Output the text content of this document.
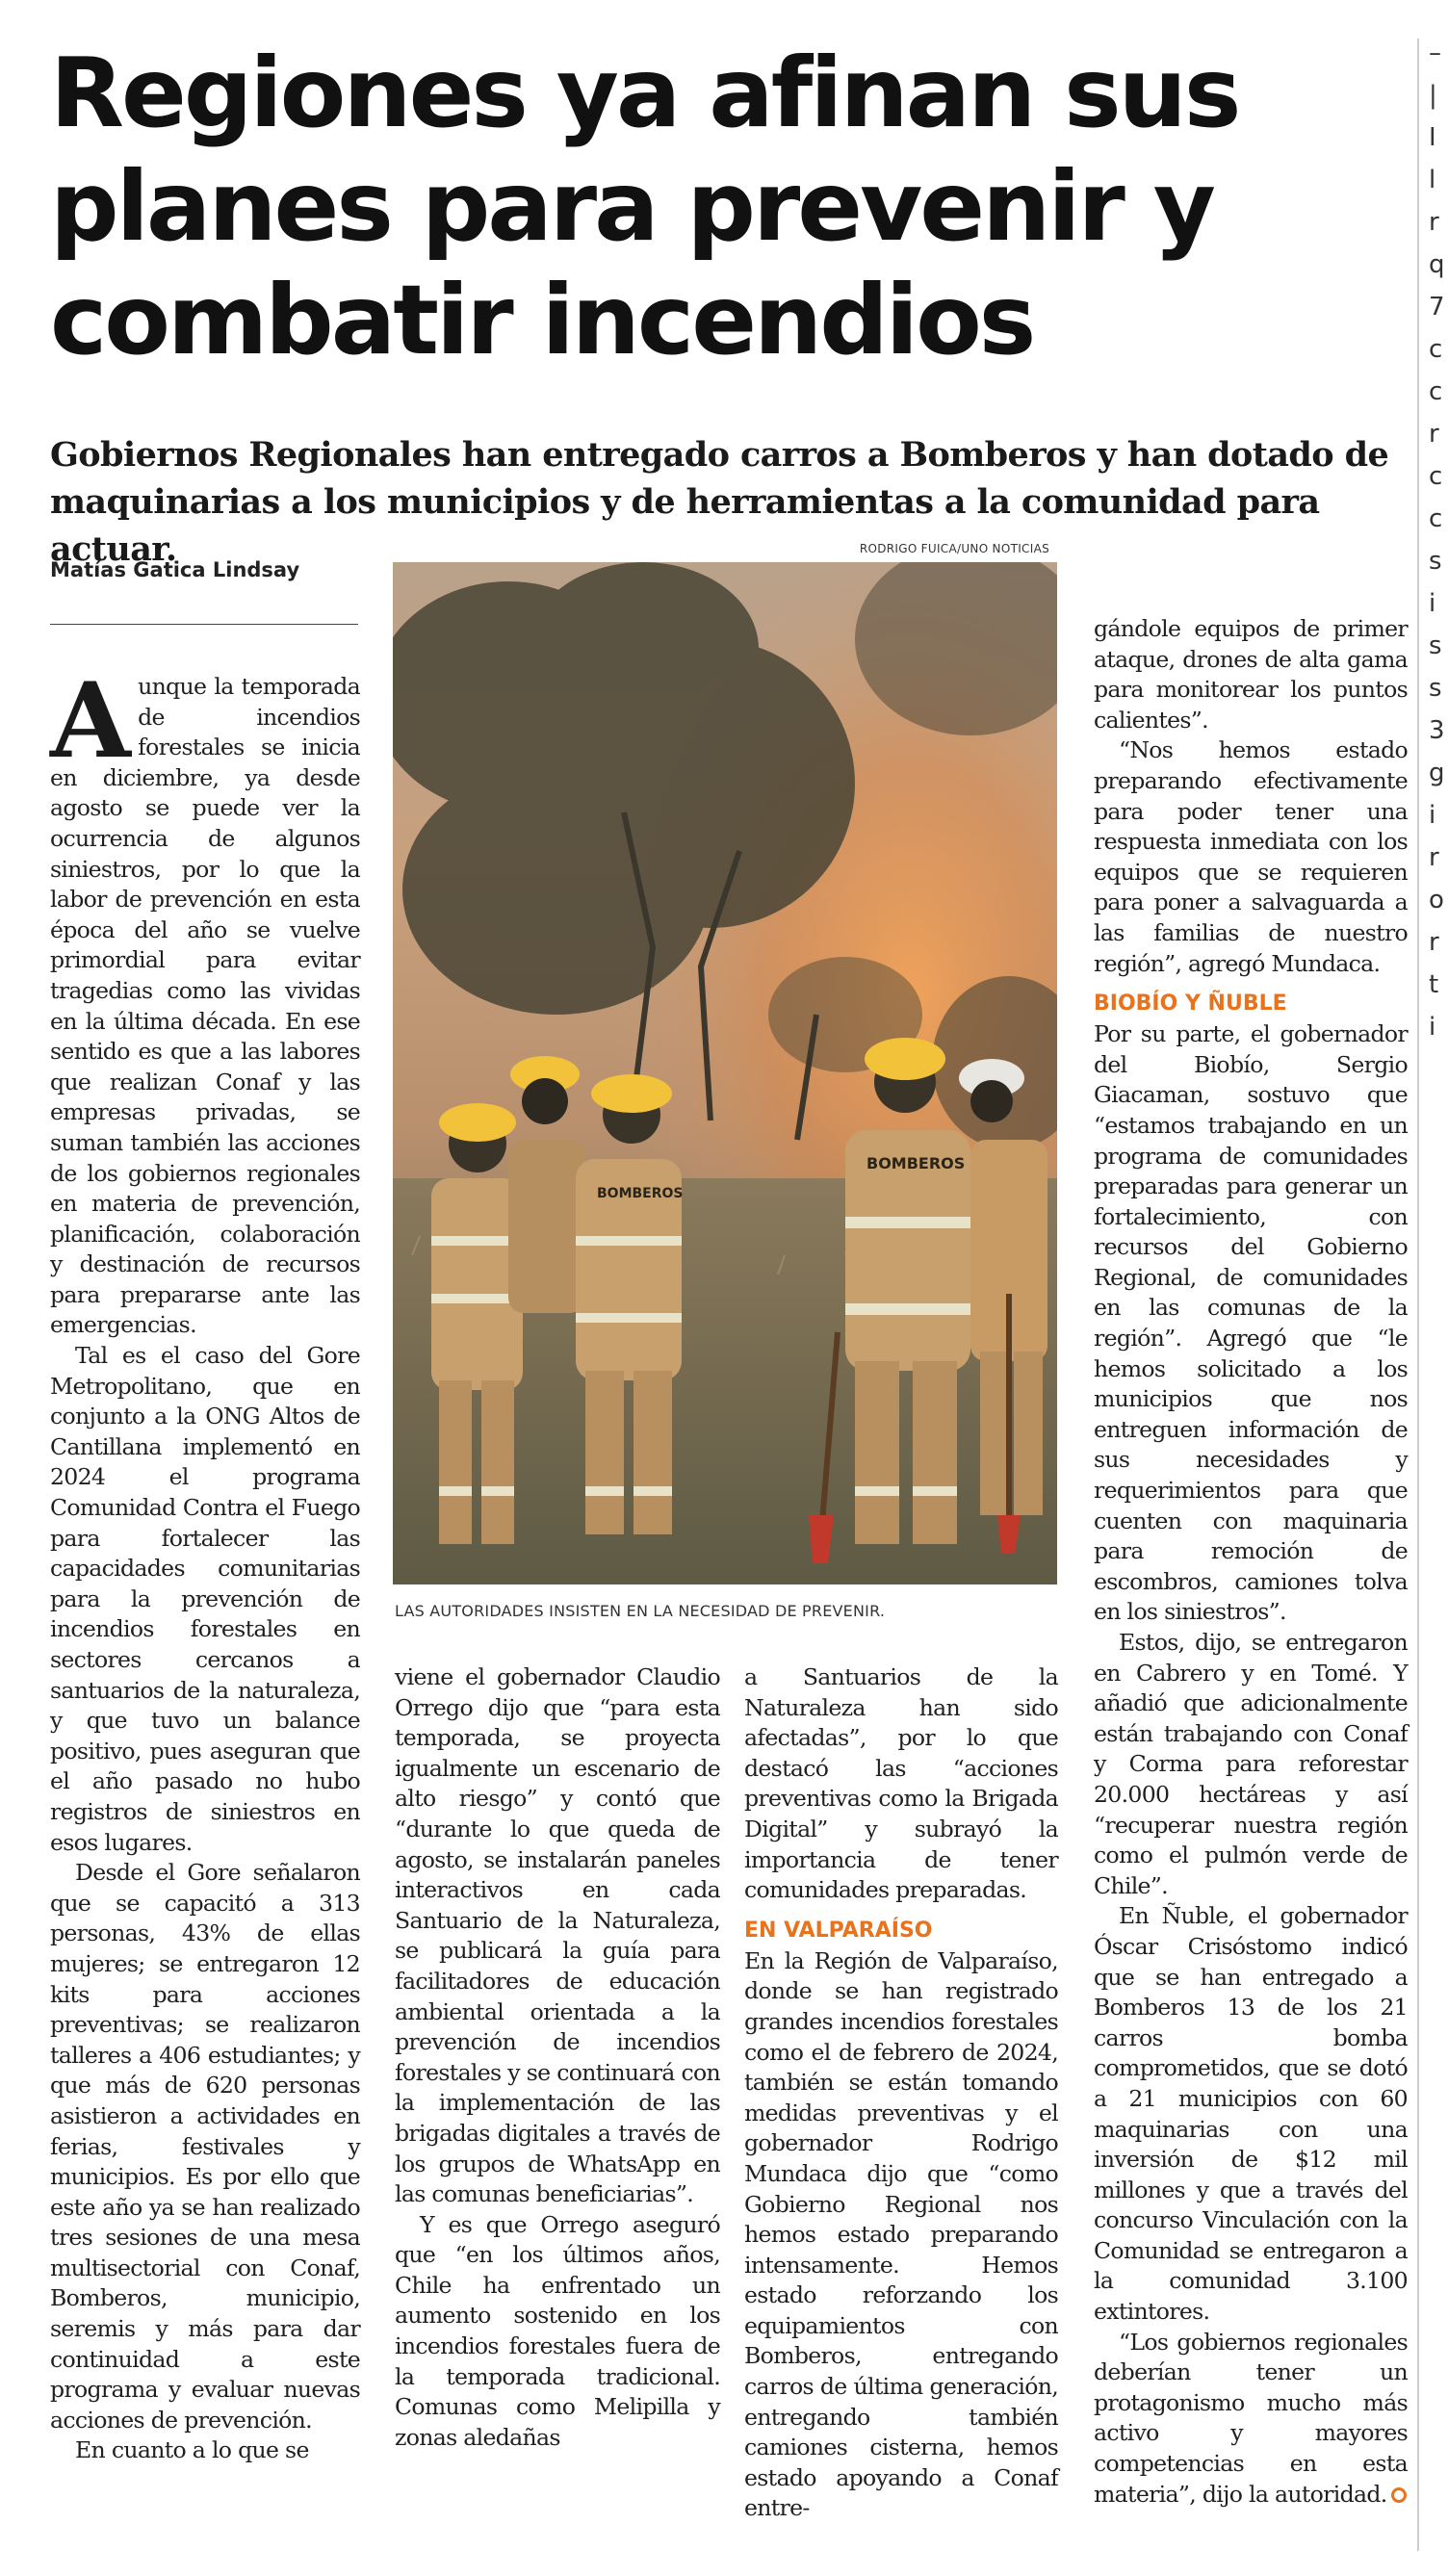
–
|
I
l
r
q
7
c
c
r
c
c
s
i
s
s
3
g
i
r
o
r
t
i
Regiones ya afinan sus planes para prevenir y combatir incendios
Gobiernos Regionales han entregado carros a Bomberos y han dotado de maquinarias a los municipios y de herramientas a la comunidad para actuar.
Matías Gatica Lindsay
RODRIGO FUICA/UNO NOTICIAS
BOMBEROS
BOMBEROS
LAS AUTORIDADES INSISTEN EN LA NECESIDAD DE PREVENIR.

Aunque la temporada de incendios forestales se inicia en diciembre, ya desde agosto se puede ver la ocurrencia de algunos siniestros, por lo que la labor de prevención en esta época del año se vuelve primordial para evitar tragedias como las vividas en la última década. En ese sentido es que a las labores que realizan Conaf y las empresas privadas, se suman también las acciones de los gobiernos regionales en materia de prevención, planificación, colaboración y destinación de recursos para prepararse ante las emergencias.

Tal es el caso del Gore Metropolitano, que en conjunto a la ONG Altos de Cantillana implementó en 2024 el programa Comunidad Contra el Fuego para fortalecer las capacidades comunitarias para la prevención de incendios forestales en sectores cercanos a santuarios de la naturaleza, y que tuvo un balance positivo, pues aseguran que el año pasado no hubo registros de siniestros en esos lugares.

Desde el Gore señalaron que se capacitó a 313 personas, 43% de ellas mujeres; se entregaron 12 kits para acciones preventivas; se realizaron talleres a 406 estudiantes; y que más de 620 personas asistieron a actividades en ferias, festivales y municipios. Es por ello que este año ya se han realizado tres sesiones de una mesa multisectorial con Conaf, Bomberos, municipio, seremis y más para dar continuidad a este programa y evaluar nuevas acciones de prevención.

En cuanto a lo que se

viene el gobernador Claudio Orrego dijo que “para esta temporada, se proyecta igualmente un escenario de alto riesgo” y contó que “durante lo que queda de agosto, se instalarán paneles interactivos en cada Santuario de la Naturaleza, se publicará la guía para facilitadores de educación ambiental orientada a la prevención de incendios forestales y se continuará con la implementación de las brigadas digitales a través de los grupos de WhatsApp en las comunas beneficiarias”.

Y es que Orrego aseguró que “en los últimos años, Chile ha enfrentado un aumento sostenido en los incendios forestales fuera de la temporada tradicional. Comunas como Melipilla y zonas aledañas

a Santuarios de la Naturaleza han sido afectadas”, por lo que destacó las “acciones preventivas como la Brigada Digital” y subrayó la importancia de tener comunidades preparadas.

EN VALPARAÍSO

En la Región de Valparaíso, donde se han registrado grandes incendios forestales como el de febrero de 2024, también se están tomando medidas preventivas y el gobernador Rodrigo Mundaca dijo que “como Gobierno Regional nos hemos estado preparando intensamente. Hemos estado reforzando los equipamientos con Bomberos, entregando carros de última generación, entregando también camiones cisterna, hemos estado apoyando a Conaf entre-

gándole equipos de primer ataque, drones de alta gama para monitorear los puntos calientes”.

“Nos hemos estado preparando efectivamente para poder tener una respuesta inmediata con los equipos que se requieren para poner a salvaguarda a las familias de nuestro región”, agregó Mundaca.

BIOBÍO Y ÑUBLE

Por su parte, el gobernador del Biobío, Sergio Giacaman, sostuvo que “estamos trabajando en un programa de comunidades preparadas para generar un fortalecimiento, con recursos del Gobierno Regional, de comunidades en las comunas de la región”. Agregó que “le hemos solicitado a los municipios que nos entreguen información de sus necesidades y requerimientos para que cuenten con maquinaria para remoción de escombros, camiones tolva en los siniestros”.

Estos, dijo, se entregaron en Cabrero y en Tomé. Y añadió que adicionalmente están trabajando con Conaf y Corma para reforestar 20.000 hectáreas y así “recuperar nuestra región como el pulmón verde de Chile”.

En Ñuble, el gobernador Óscar Crisóstomo indicó que se han entregado a Bomberos 13 de los 21 carros bomba comprometidos, que se dotó a 21 municipios con 60 maquinarias con una inversión de $12 mil millones y que a través del concurso Vinculación con la Comunidad se entregaron a la comunidad 3.100 extintores.

“Los gobiernos regionales deberían tener un protagonismo mucho más activo y mayores competencias en esta materia”, dijo la autoridad.
